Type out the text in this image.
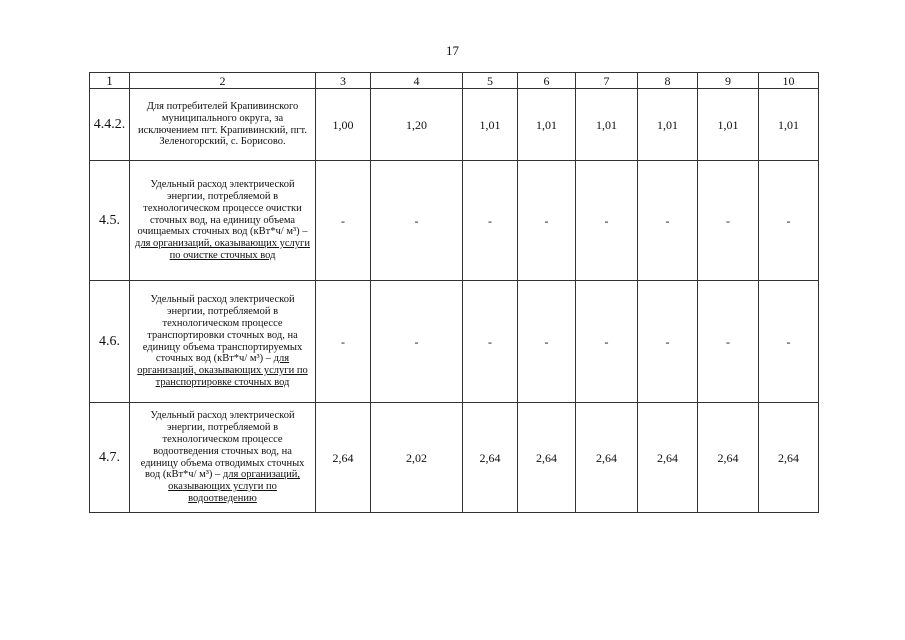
17
1	2	3	4	5	6	7	8	9	10
4.4.2.	Для потребителей Крапивинского муниципального округа, за исключением пгт. Крапивинский, пгт. Зеленогорский, с. Борисово.	1,00	1,20	1,01	1,01	1,01	1,01	1,01	1,01
4.5.	Удельный расход электрической энергии, потребляемой в технологическом процессе очистки сточных вод, на единицу объема очищаемых сточных вод (кВт*ч/ м³) – для организаций, оказывающих услуги по очистке сточных вод	-	-	-	-	-	-	-	-
4.6.	Удельный расход электрической энергии, потребляемой в технологическом процессе транспортировки сточных вод, на единицу объема транспортируемых сточных вод (кВт*ч/ м³) – для организаций, оказывающих услуги по транспортировке сточных вод	-	-	-	-	-	-	-	-
4.7.	Удельный расход электрической энергии, потребляемой в технологическом процессе водоотведения сточных вод, на единицу объема отводимых сточных вод (кВт*ч/ м³) – для организаций, оказывающих услуги по водоотведению	2,64	2,02	2,64	2,64	2,64	2,64	2,64	2,64
